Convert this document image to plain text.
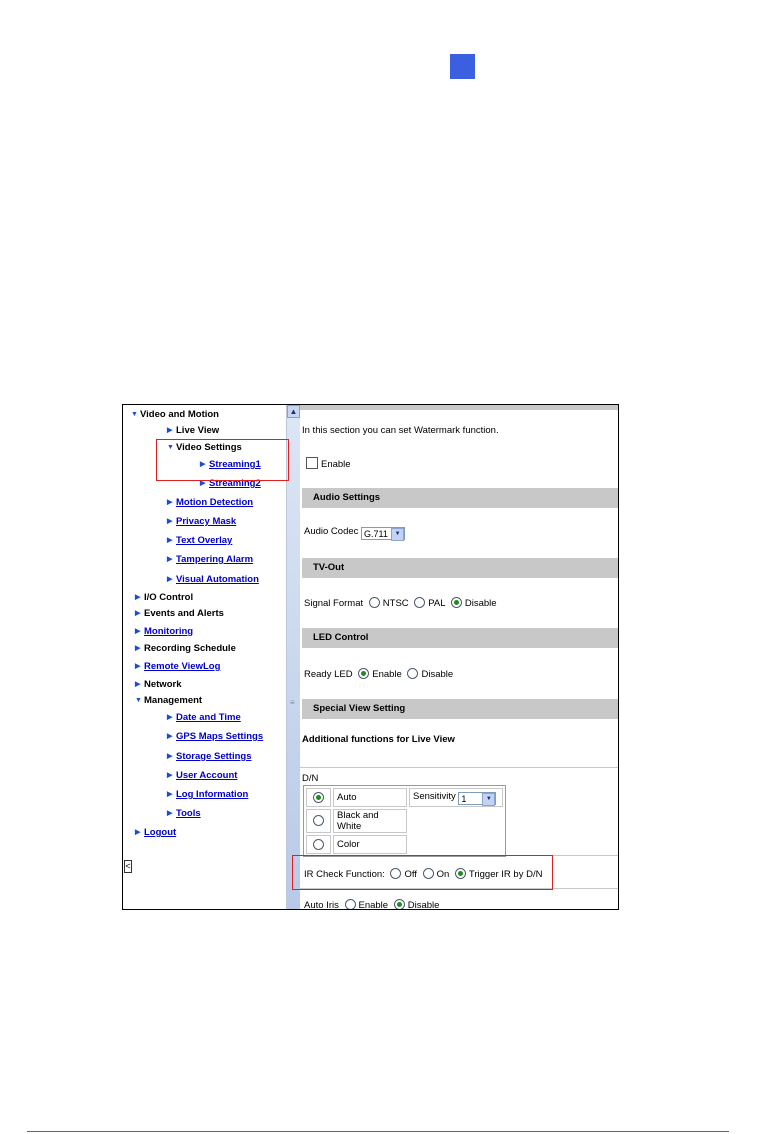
▼ Video and Motion
▶ Live View
▼ Video Settings
▶ Streaming1
▶ Streaming2
▶ Motion Detection
▶ Privacy Mask
▶ Text Overlay
▶ Tampering Alarm
▶ Visual Automation
▶ I/O Control
▶ Events and Alerts
▶ Monitoring
▶ Recording Schedule
▶ Remote ViewLog
▶ Network
▼ Management
▶ Date and Time
▶ GPS Maps Settings
▶ Storage Settings
▶ User Account
▶ Log Information
▶ Tools
▶ Logout
<
▲
≡
In this section you can set Watermark function.
Enable
Audio Settings
Audio Codec G.711	▼
TV-Out
Signal Format NTSC PAL Disable
LED Control
Ready LED Enable Disable
Special View Setting
Additional functions for Live View
D/N
	Auto	Sensitivity 1 ▼

	Black and White	
	Color	
IR Check Function: Off On Trigger IR by D/N
Auto Iris Enable Disable
